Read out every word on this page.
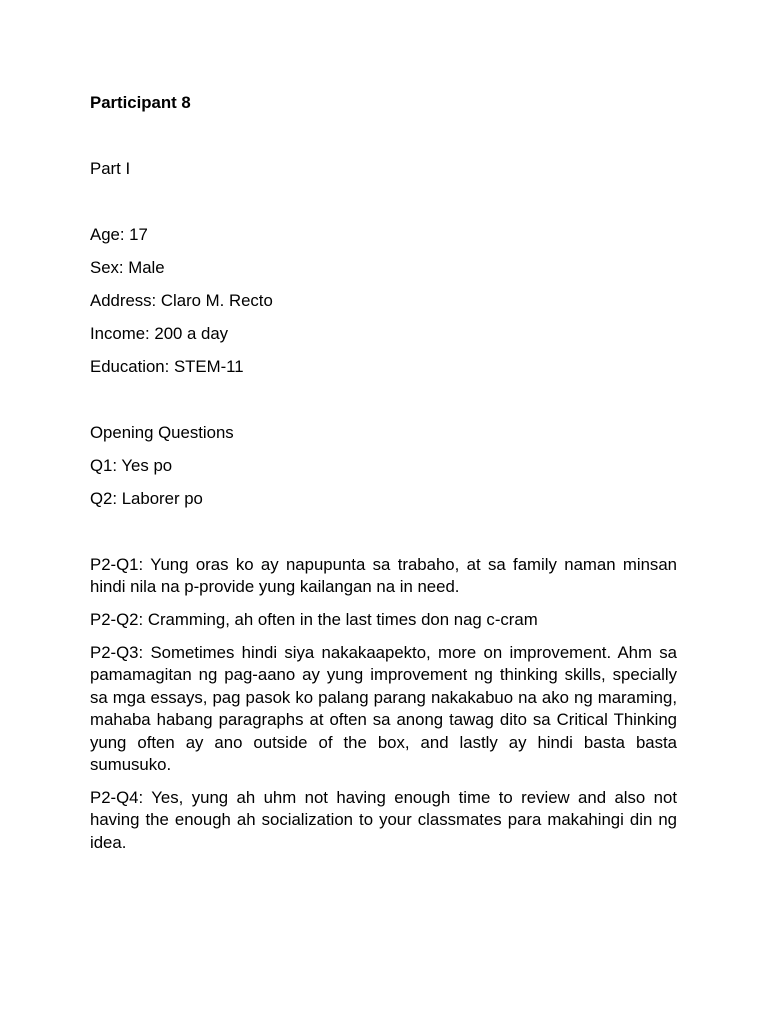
Participant 8
Part I
Age: 17
Sex: Male
Address: Claro M. Recto
Income: 200 a day
Education: STEM-11
Opening Questions
Q1: Yes po
Q2: Laborer po
P2-Q1: Yung oras ko ay napupunta sa trabaho, at sa family naman minsan hindi nila na p-provide yung kailangan na in need.
P2-Q2: Cramming, ah often in the last times don nag c-cram
P2-Q3: Sometimes hindi siya nakakaapekto, more on improvement. Ahm sa pamamagitan ng pag-aano ay yung improvement ng thinking skills, specially sa mga essays, pag pasok ko palang parang nakakabuo na ako ng maraming, mahaba habang paragraphs at often sa anong tawag dito sa Critical Thinking yung often ay ano outside of the box, and lastly ay hindi basta basta sumusuko.
P2-Q4: Yes, yung ah uhm not having enough time to review and also not having the enough ah socialization to your classmates para makahingi din ng idea.
